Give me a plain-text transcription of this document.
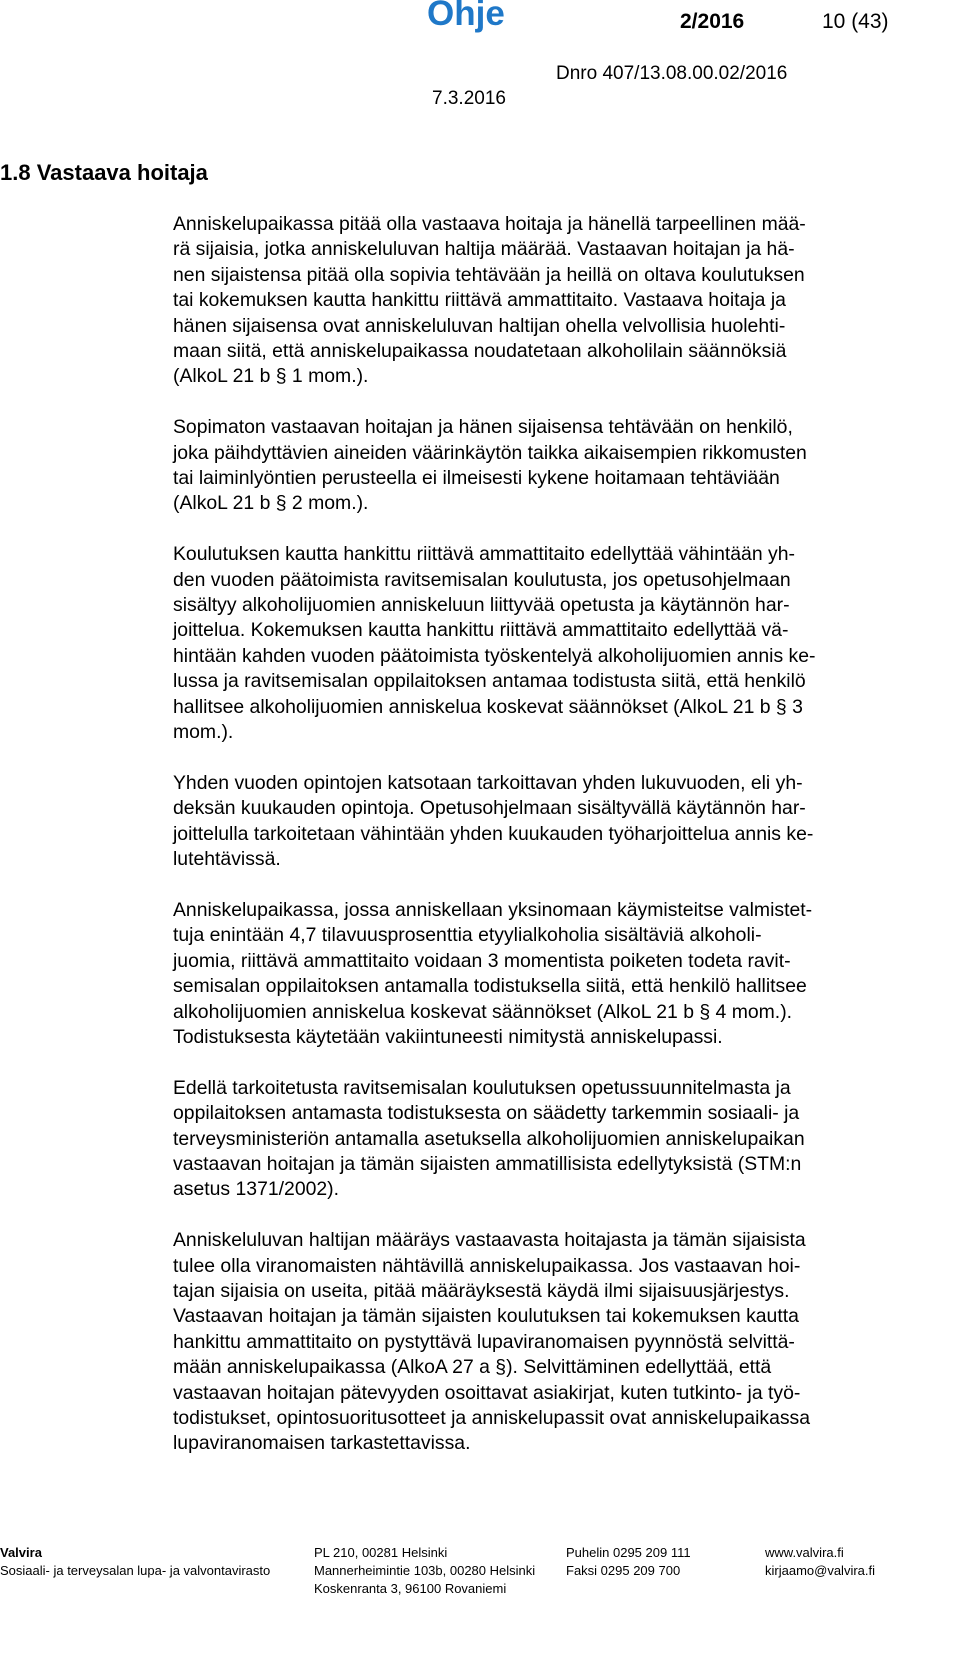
Ohje	2/2016	10 (43)
Dnro 407/13.08.00.02/2016
7.3.2016
1.8 Vastaava hoitaja

Anniskelupaikassa pitää olla vastaava hoitaja ja hänellä tarpeellinen mää-
rä sijaisia, jotka anniskeluluvan haltija määrää. Vastaavan hoitajan ja hä-
nen sijaistensa pitää olla sopivia tehtävään ja heillä on oltava koulutuksen
tai kokemuksen kautta hankittu riittävä ammattitaito. Vastaava hoitaja ja
hänen sijaisensa ovat anniskeluluvan haltijan ohella velvollisia huolehti-
maan siitä, että anniskelupaikassa noudatetaan alkoholilain säännöksiä
(AlkoL 21 b § 1 mom.).

Sopimaton vastaavan hoitajan ja hänen sijaisensa tehtävään on henkilö,
joka päihdyttävien aineiden väärinkäytön taikka aikaisempien rikkomusten
tai laiminlyöntien perusteella ei ilmeisesti kykene hoitamaan tehtäviään
(AlkoL 21 b § 2 mom.).

Koulutuksen kautta hankittu riittävä ammattitaito edellyttää vähintään yh-
den vuoden päätoimista ravitsemisalan koulutusta, jos opetusohjelmaan
sisältyy alkoholijuomien anniskeluun liittyvää opetusta ja käytännön har-
joittelua. Kokemuksen kautta hankittu riittävä ammattitaito edellyttää vä-
hintään kahden vuoden päätoimista työskentelyä alkoholijuomien annis ke-
lussa ja ravitsemisalan oppilaitoksen antamaa todistusta siitä, että henkilö
hallitsee alkoholijuomien anniskelua koskevat säännökset (AlkoL 21 b § 3
mom.).

Yhden vuoden opintojen katsotaan tarkoittavan yhden lukuvuoden, eli yh-
deksän kuukauden opintoja. Opetusohjelmaan sisältyvällä käytännön har-
joittelulla tarkoitetaan vähintään yhden kuukauden työharjoittelua annis ke-
lutehtävissä.

Anniskelupaikassa, jossa anniskellaan yksinomaan käymisteitse valmistet-
tuja enintään 4,7 tilavuusprosenttia etyylialkoholia sisältäviä alkoholi-
juomia, riittävä ammattitaito voidaan 3 momentista poiketen todeta ravit-
semisalan oppilaitoksen antamalla todistuksella siitä, että henkilö hallitsee
alkoholijuomien anniskelua koskevat säännökset (AlkoL 21 b § 4 mom.).
Todistuksesta käytetään vakiintuneesti nimitystä anniskelupassi.

Edellä tarkoitetusta ravitsemisalan koulutuksen opetussuunnitelmasta ja
oppilaitoksen antamasta todistuksesta on säädetty tarkemmin sosiaali- ja
terveysministeriön antamalla asetuksella alkoholijuomien anniskelupaikan
vastaavan hoitajan ja tämän sijaisten ammatillisista edellytyksistä (STM:n
asetus 1371/2002).

Anniskeluluvan haltijan määräys vastaavasta hoitajasta ja tämän sijaisista
tulee olla viranomaisten nähtävillä anniskelupaikassa. Jos vastaavan hoi-
tajan sijaisia on useita, pitää määräyksestä käydä ilmi sijaisuusjärjestys.
Vastaavan hoitajan ja tämän sijaisten koulutuksen tai kokemuksen kautta
hankittu ammattitaito on pystyttävä lupaviranomaisen pyynnöstä selvittä-
mään anniskelupaikassa (AlkoA 27 a §). Selvittäminen edellyttää, että
vastaavan hoitajan pätevyyden osoittavat asiakirjat, kuten tutkinto- ja työ-
todistukset, opintosuoritusotteet ja anniskelupassit ovat anniskelupaikassa
lupaviranomaisen tarkastettavissa.

Valvira
Sosiaali- ja terveysalan lupa- ja valvontavirasto
PL 210, 00281 Helsinki
Mannerheimintie 103b, 00280 Helsinki
Koskenranta 3, 96100 Rovaniemi
Puhelin 0295 209 111
Faksi 0295 209 700
www.valvira.fi
kirjaamo@valvira.fi
